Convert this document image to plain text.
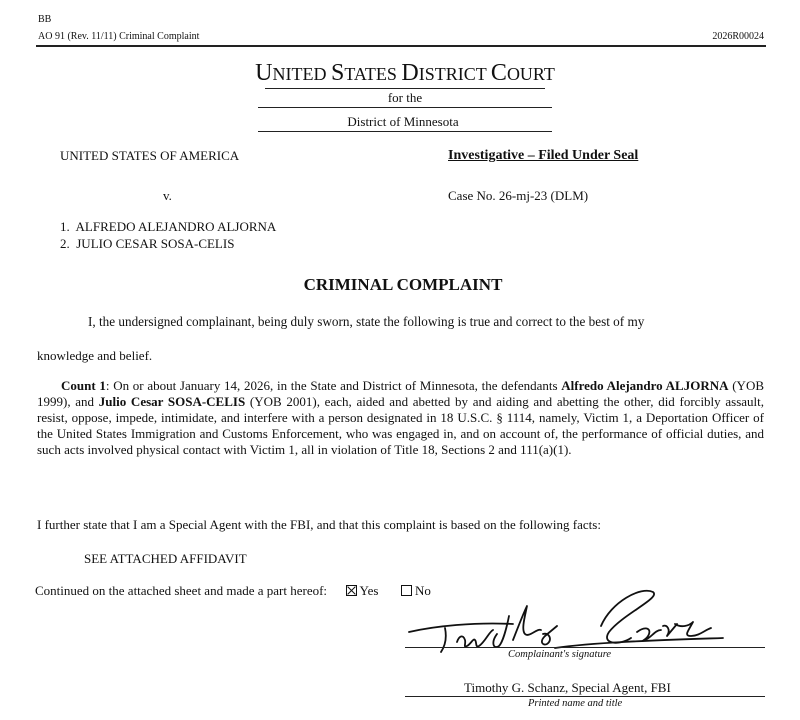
BB
AO 91 (Rev. 11/11) Criminal Complaint	2026R00024
UNITED STATES DISTRICT COURT
for the
District of Minnesota
UNITED STATES OF AMERICA	Investigative – Filed Under Seal
v.	Case No. 26-mj-23 (DLM)
1.  ALFREDO ALEJANDRO ALJORNA
2.  JULIO CESAR SOSA-CELIS
CRIMINAL COMPLAINT
I, the undersigned complainant, being duly sworn, state the following is true and correct to the best of my
knowledge and belief.
Count 1: On or about January 14, 2026, in the State and District of Minnesota, the defendants Alfredo Alejandro ALJORNA (YOB 1999), and Julio Cesar SOSA-CELIS (YOB 2001), each, aided and abetted by and aiding and abetting the other, did forcibly assault, resist, oppose, impede, intimidate, and interfere with a person designated in 18 U.S.C. § 1114, namely, Victim 1, a Deportation Officer of the United States Immigration and Customs Enforcement, who was engaged in, and on account of, the performance of official duties, and such acts involved physical contact with Victim 1, all in violation of Title 18, Sections 2 and 111(a)(1).
I further state that I am a Special Agent with the FBI, and that this complaint is based on the following facts:
SEE ATTACHED AFFIDAVIT
Continued on the attached sheet and made a part hereof:	Yes	No
Complainant's signature
Timothy G. Schanz, Special Agent, FBI
Printed name and title
